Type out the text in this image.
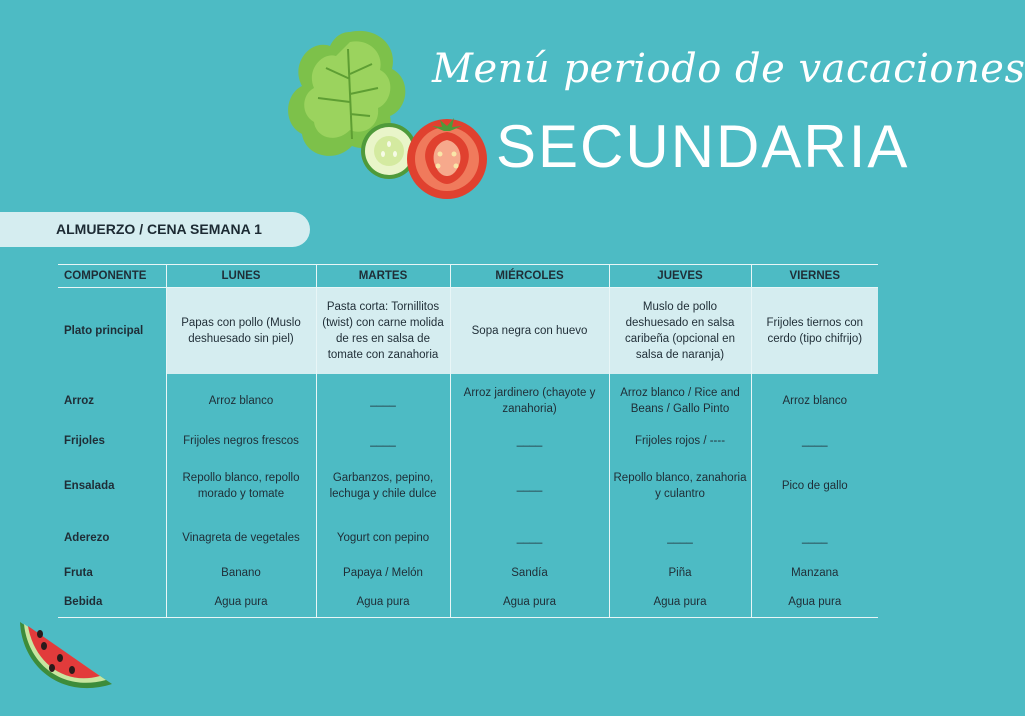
Menú periodo de vacaciones
SECUNDARIA
ALMUERZO / CENA SEMANA 1
COMPONENTE	LUNES	MARTES	MIÉRCOLES	JUEVES	VIERNES
Plato principal	Papas con pollo (Muslo deshuesado sin piel)	Pasta corta: Tornillitos (twist) con carne molida de res en salsa de tomate con zanahoria	Sopa negra con huevo	Muslo de pollo deshuesado en salsa caribeña (opcional en salsa de naranja)	Frijoles tiernos con cerdo (tipo chifrijo)
Arroz	Arroz blanco	____	Arroz jardinero (chayote y zanahoria)	Arroz blanco / Rice and Beans / Gallo Pinto	Arroz blanco
Frijoles	Frijoles negros frescos	____	____	Frijoles rojos / ----	____
Ensalada	Repollo blanco, repollo morado y tomate	Garbanzos, pepino, lechuga y chile dulce	____	Repollo blanco, zanahoria y culantro	Pico de gallo
Aderezo	Vinagreta de vegetales	Yogurt con pepino	____	____	____
Fruta	Banano	Papaya / Melón	Sandía	Piña	Manzana
Bebida	Agua pura	Agua pura	Agua pura	Agua pura	Agua pura
